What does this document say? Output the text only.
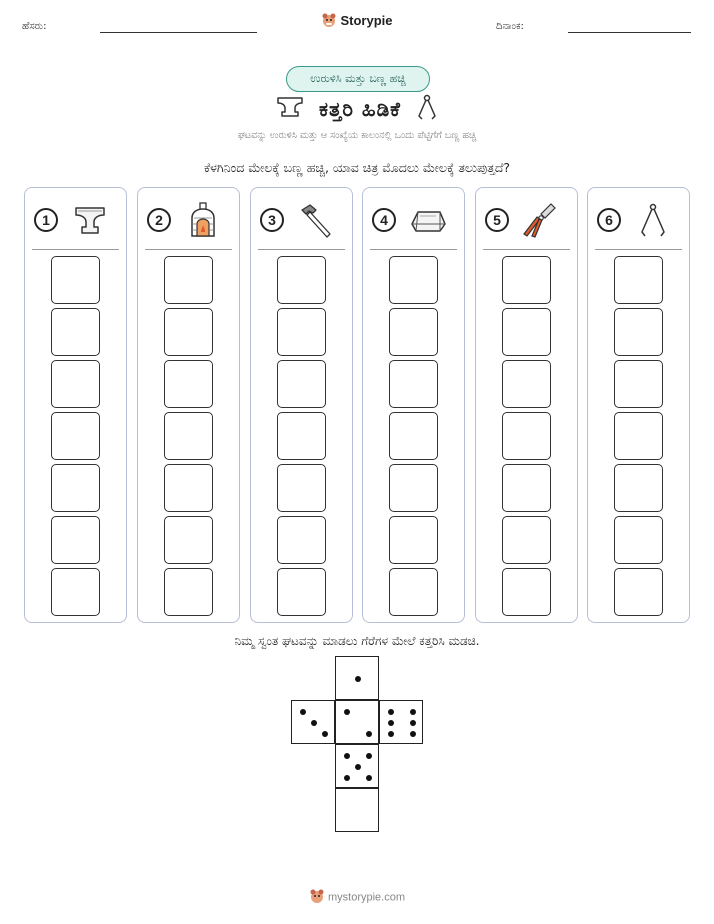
ಹೆಸರು:	Storypie	ದಿನಾಂಕ:
ಉರುಳಿಸಿ ಮತ್ತು ಬಣ್ಣ ಹಚ್ಚಿ
ಕತ್ತರಿ ಹಿಡಿಕೆ
ಘಟವನ್ನು ಉರುಳಿಸಿ ಮತ್ತು ಆ ಸಂಖ್ಯೆಯ ಕಾಲಂನಲ್ಲಿ ಒಂದು ಪೆಟ್ಟಿಗೆಗೆ ಬಣ್ಣ ಹಚ್ಚಿ
ಕೆಳಗಿನಿಂದ ಮೇಲಕ್ಕೆ ಬಣ್ಣ ಹಚ್ಚಿ, ಯಾವ ಚಿತ್ರ ಮೊದಲು ಮೇಲಕ್ಕೆ ತಲುಪುತ್ತದೆ?
1	2	3	4	5	6
ನಿಮ್ಮ ಸ್ವಂತ ಘಟವನ್ನು ಮಾಡಲು ಗೆರೆಗಳ ಮೇಲೆ ಕತ್ತರಿಸಿ ಮಡಚಿ.
mystorypie.com
